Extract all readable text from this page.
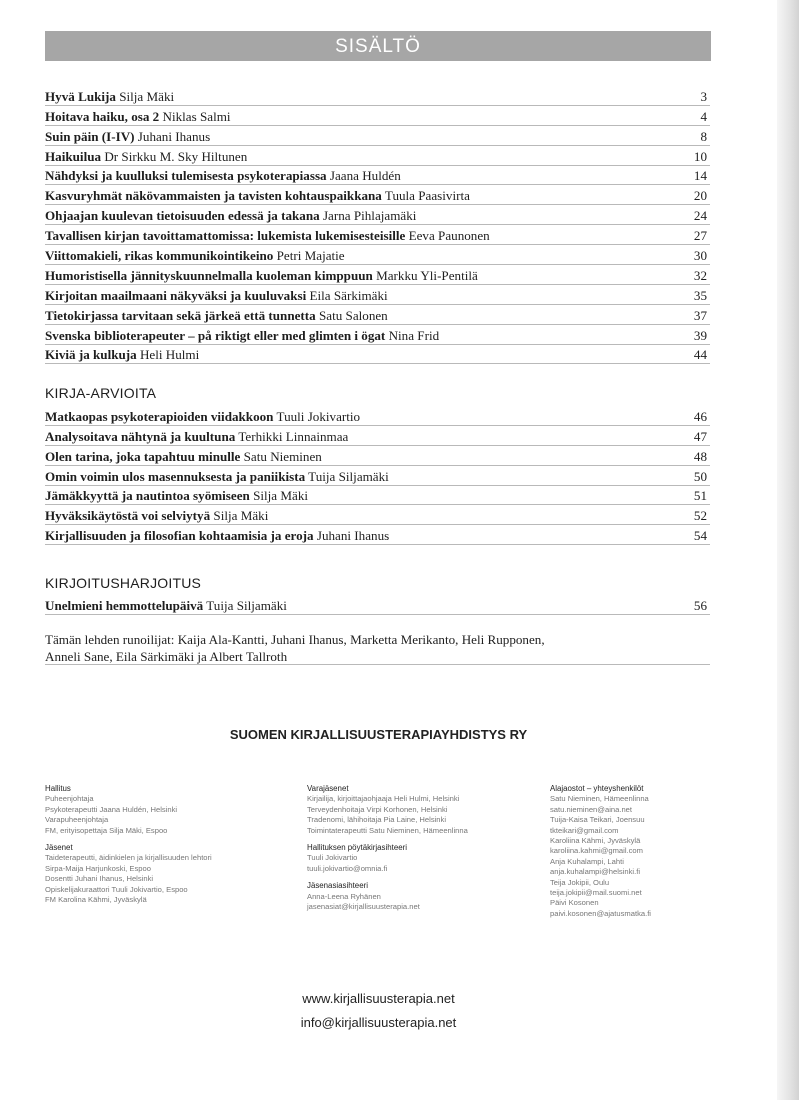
SISÄLTÖ
Hyvä Lukija Silja Mäki	3
Hoitava haiku, osa 2 Niklas Salmi	4
Suin päin (I-IV) Juhani Ihanus	8
Haikuilua Dr Sirkku M. Sky Hiltunen	10
Nähdyksi ja kuulluksi tulemisesta psykoterapiassa Jaana Huldén	14
Kasvuryhmät näkövammaisten ja tavisten kohtauspaikkana Tuula Paasivirta	20
Ohjaajan kuulevan tietoisuuden edessä ja takana Jarna Pihlajamäki	24
Tavallisen kirjan tavoittamattomissa: lukemista lukemisesteisille Eeva Paunonen	27
Viittomakieli, rikas kommunikointikeino Petri Majatie	30
Humoristisella jännityskuunnelmalla kuoleman kimppuun Markku Yli-Pentilä	32
Kirjoitan maailmaani näkyväksi ja kuuluvaksi Eila Särkimäki	35
Tietokirjassa tarvitaan sekä järkeä että tunnetta Satu Salonen	37
Svenska biblioterapeuter – på riktigt eller med glimten i ögat Nina Frid	39
Kiviä ja kulkuja Heli Hulmi	44
KIRJA-ARVIOITA
Matkaopas psykoterapioiden viidakkoon Tuuli Jokivartio	46
Analysoitava nähtynä ja kuultuna Terhikki Linnainmaa	47
Olen tarina, joka tapahtuu minulle Satu Nieminen	48
Omin voimin ulos masennuksesta ja paniikista Tuija Siljamäki	50
Jämäkkyyttä ja nautintoa syömiseen Silja Mäki	51
Hyväksikäytöstä voi selviytyä Silja Mäki	52
Kirjallisuuden ja filosofian kohtaamisia ja eroja Juhani Ihanus	54
KIRJOITUSHARJOITUS
Unelmieni hemmottelupäivä Tuija Siljamäki	56
Tämän lehden runoilijat: Kaija Ala-Kantti, Juhani Ihanus, Marketta Merikanto, Heli Rupponen,
Anneli Sane, Eila Särkimäki ja Albert Tallroth
SUOMEN KIRJALLISUUSTERAPIAYHDISTYS RY
Hallitus
Puheenjohtaja
Psykoterapeutti Jaana Huldén, Helsinki
Varapuheenjohtaja
FM, erityisopettaja Silja Mäki, Espoo
Jäsenet
Taideterapeutti, äidinkielen ja kirjallisuuden lehtori
Sirpa-Maija Harjunkoski, Espoo
Dosentti Juhani Ihanus, Helsinki
Opiskelijakuraattori Tuuli Jokivartio, Espoo
FM Karolina Kähmi, Jyväskylä
Varajäsenet
Kirjailija, kirjoittajaohjaaja Heli Hulmi, Helsinki
Terveydenhoitaja Virpi Korhonen, Helsinki
Tradenomi, lähihoitaja Pia Laine, Helsinki
Toimintaterapeutti Satu Nieminen, Hämeenlinna
Hallituksen pöytäkirjasihteeri
Tuuli Jokivartio
tuuli.jokivartio@omnia.fi
Jäsenasiasihteeri
Anna-Leena Ryhänen
jasenasiat@kirjallisuusterapia.net
Alajaostot – yhteyshenkilöt
Satu Nieminen, Hämeenlinna
satu.nieminen@aina.net
Tuija-Kaisa Teikari, Joensuu
tkteikari@gmail.com
Karoliina Kähmi, Jyväskylä
karoliina.kahmi@gmail.com
Anja Kuhalampi, Lahti
anja.kuhalampi@helsinki.fi
Teija Jokipii, Oulu
teija.jokipii@mail.suomi.net
Päivi Kosonen
paivi.kosonen@ajatusmatka.fi
www.kirjallisuusterapia.net
info@kirjallisuusterapia.net
